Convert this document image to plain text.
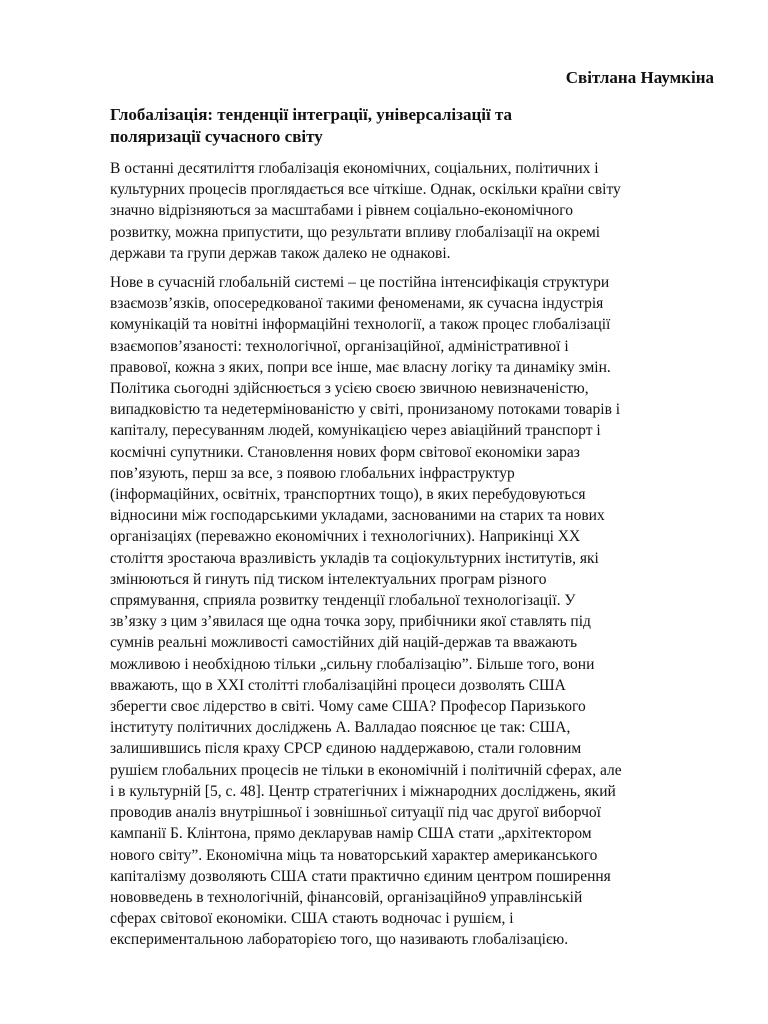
Світлана Наумкіна
Глобалізація: тенденції інтеграції, універсалізації та
поляризації сучасного світу
В останні десятиліття глобалізація економічних, соціальних, політичних і
культурних процесів проглядається все чіткіше. Однак, оскільки країни світу
значно відрізняються за масштабами і рівнем соціально-економічного
розвитку, можна припустити, що результати впливу глобалізації на окремі
держави та групи держав також далеко не однакові.
Нове в сучасній глобальній системі – це постійна інтенсифікація структури
взаємозв’язків, опосередкованої такими феноменами, як сучасна індустрія
комунікацій та новітні інформаційні технології, а також процес глобалізації
взаємопов’язаності: технологічної, організаційної, адміністративної і
правової, кожна з яких, попри все інше, має власну логіку та динаміку змін.
Політика сьогодні здійснюється з усією своєю звичною невизначеністю,
випадковістю та недетермінованістю у світі, пронизаному потоками товарів і
капіталу, пересуванням людей, комунікацією через авіаційний транспорт і
космічні супутники. Становлення нових форм світової економіки зараз
пов’язують, перш за все, з появою глобальних інфраструктур
(інформаційних, освітніх, транспортних тощо), в яких перебудовуються
відносини між господарськими укладами, заснованими на старих та нових
організаціях (переважно економічних і технологічних). Наприкінці ХХ
століття зростаюча вразливість укладів та соціокультурних інститутів, які
змінюються й гинуть під тиском інтелектуальних програм різного
спрямування, сприяла розвитку тенденції глобальної технологізації. У
зв’язку з цим з’явилася ще одна точка зору, прибічники якої ставлять під
сумнів реальні можливості самостійних дій націй-держав та вважають
можливою і необхідною тільки „сильну глобалізацію”. Більше того, вони
вважають, що в ХХІ столітті глобалізаційні процеси дозволять США
зберегти своє лідерство в світі. Чому саме США? Професор Паризького
інституту політичних досліджень А. Валладао пояснює це так: США,
залишившись після краху СРСР єдиною наддержавою, стали головним
рушієм глобальних процесів не тільки в економічній і політичній сферах, але
і в культурній [5, с. 48]. Центр стратегічних і міжнародних досліджень, який
проводив аналіз внутрішньої і зовнішньої ситуації під час другої виборчої
кампанії Б. Клінтона, прямо декларував намір США стати „архітектором
нового світу”. Економічна міць та новаторський характер американського
капіталізму дозволяють США стати практично єдиним центром поширення
нововведень в технологічній, фінансовій, організаційно9 управлінській
сферах світової економіки. США стають водночас і рушієм, і
експериментальною лабораторією того, що називають глобалізацією.
